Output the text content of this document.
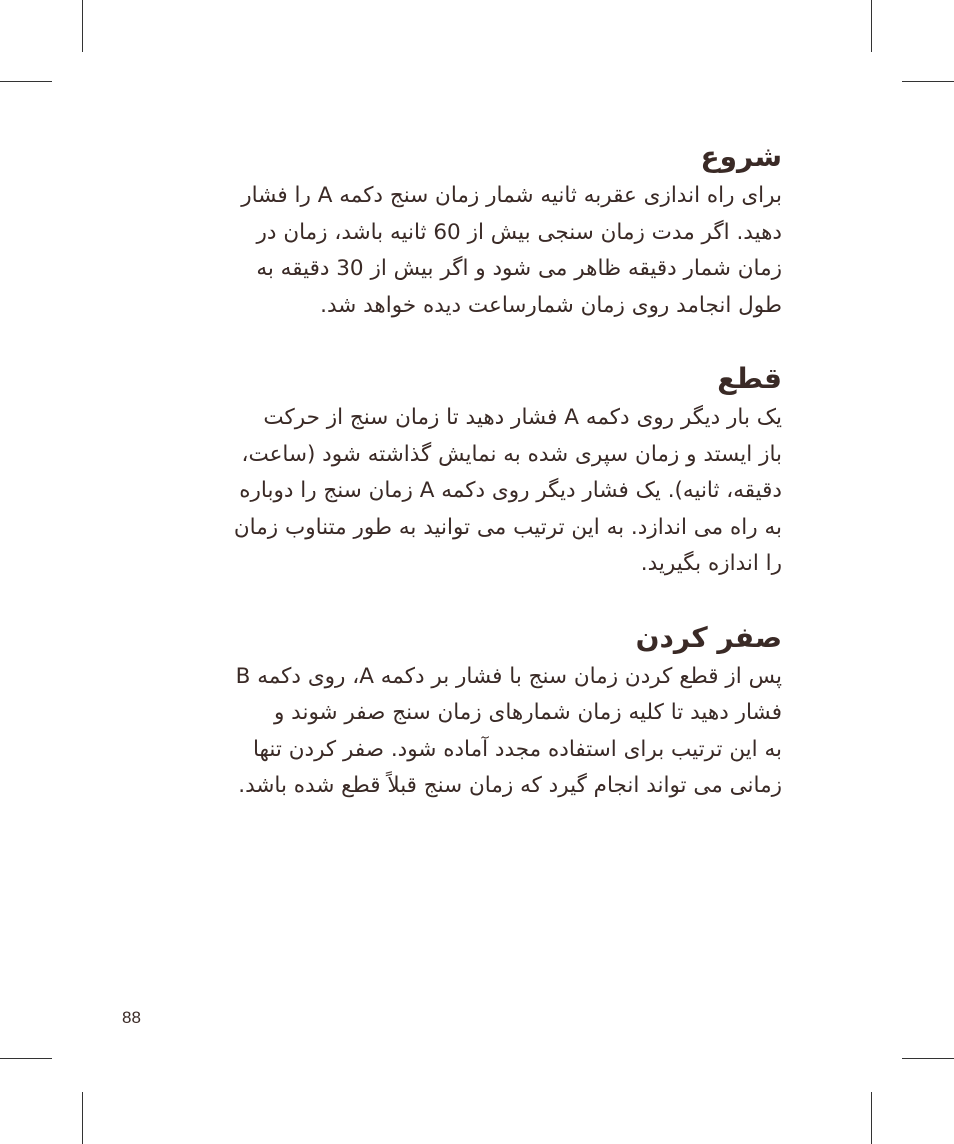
شروع

برای راه اندازی عقربه ثانیه شمار زمان سنج دکمه A را فشار

دهید. اگر مدت زمان سنجی بیش از 60 ثانیه باشد، زمان در

زمان شمار دقیقه ظاهر می شود و اگر بیش از 30 دقیقه به

طول انجامد روی زمان شمارساعت دیده خواهد شد.

قطع

یک بار دیگر روی دکمه A فشار دهید تا زمان سنج از حرکت

باز ایستد و زمان سپری شده به نمایش گذاشته شود (ساعت،

دقیقه، ثانیه). یک فشار دیگر روی دکمه A زمان سنج را دوباره

به راه می اندازد. به این ترتیب می توانید به طور متناوب زمان

را اندازه بگیرید.

صفر کردن

پس از قطع کردن زمان سنج با فشار بر دکمه A، روی دکمه B

فشار دهید تا کلیه زمان شمارهای زمان سنج صفر شوند و

به این ترتیب برای استفاده مجدد آماده شود. صفر کردن تنها

زمانی می تواند انجام گیرد که زمان سنج قبلاً قطع شده باشد.

88
